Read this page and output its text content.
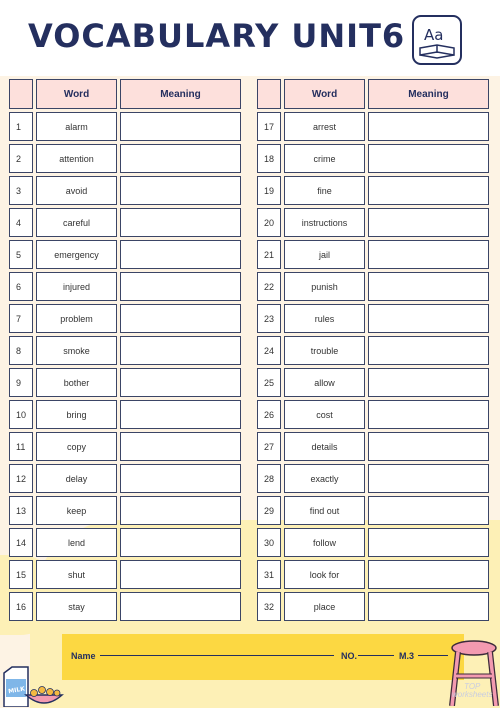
VOCABULARY UNIT6 Aa
	Word	Meaning
1	alarm	
2	attention	
3	avoid	
4	careful	
5	emergency	
6	injured	
7	problem	
8	smoke	
9	bother	
10	bring	
11	copy	
12	delay	
13	keep	
14	lend	
15	shut	
16	stay	
	Word	Meaning
17	arrest	
18	crime	
19	fine	
20	instructions	
21	jail	
22	punish	
23	rules	
24	trouble	
25	allow	
26	cost	
27	details	
28	exactly	
29	find out	
30	follow	
31	look for	
32	place	
Name	NO.	M.3
MILK	TOP
worksheets
